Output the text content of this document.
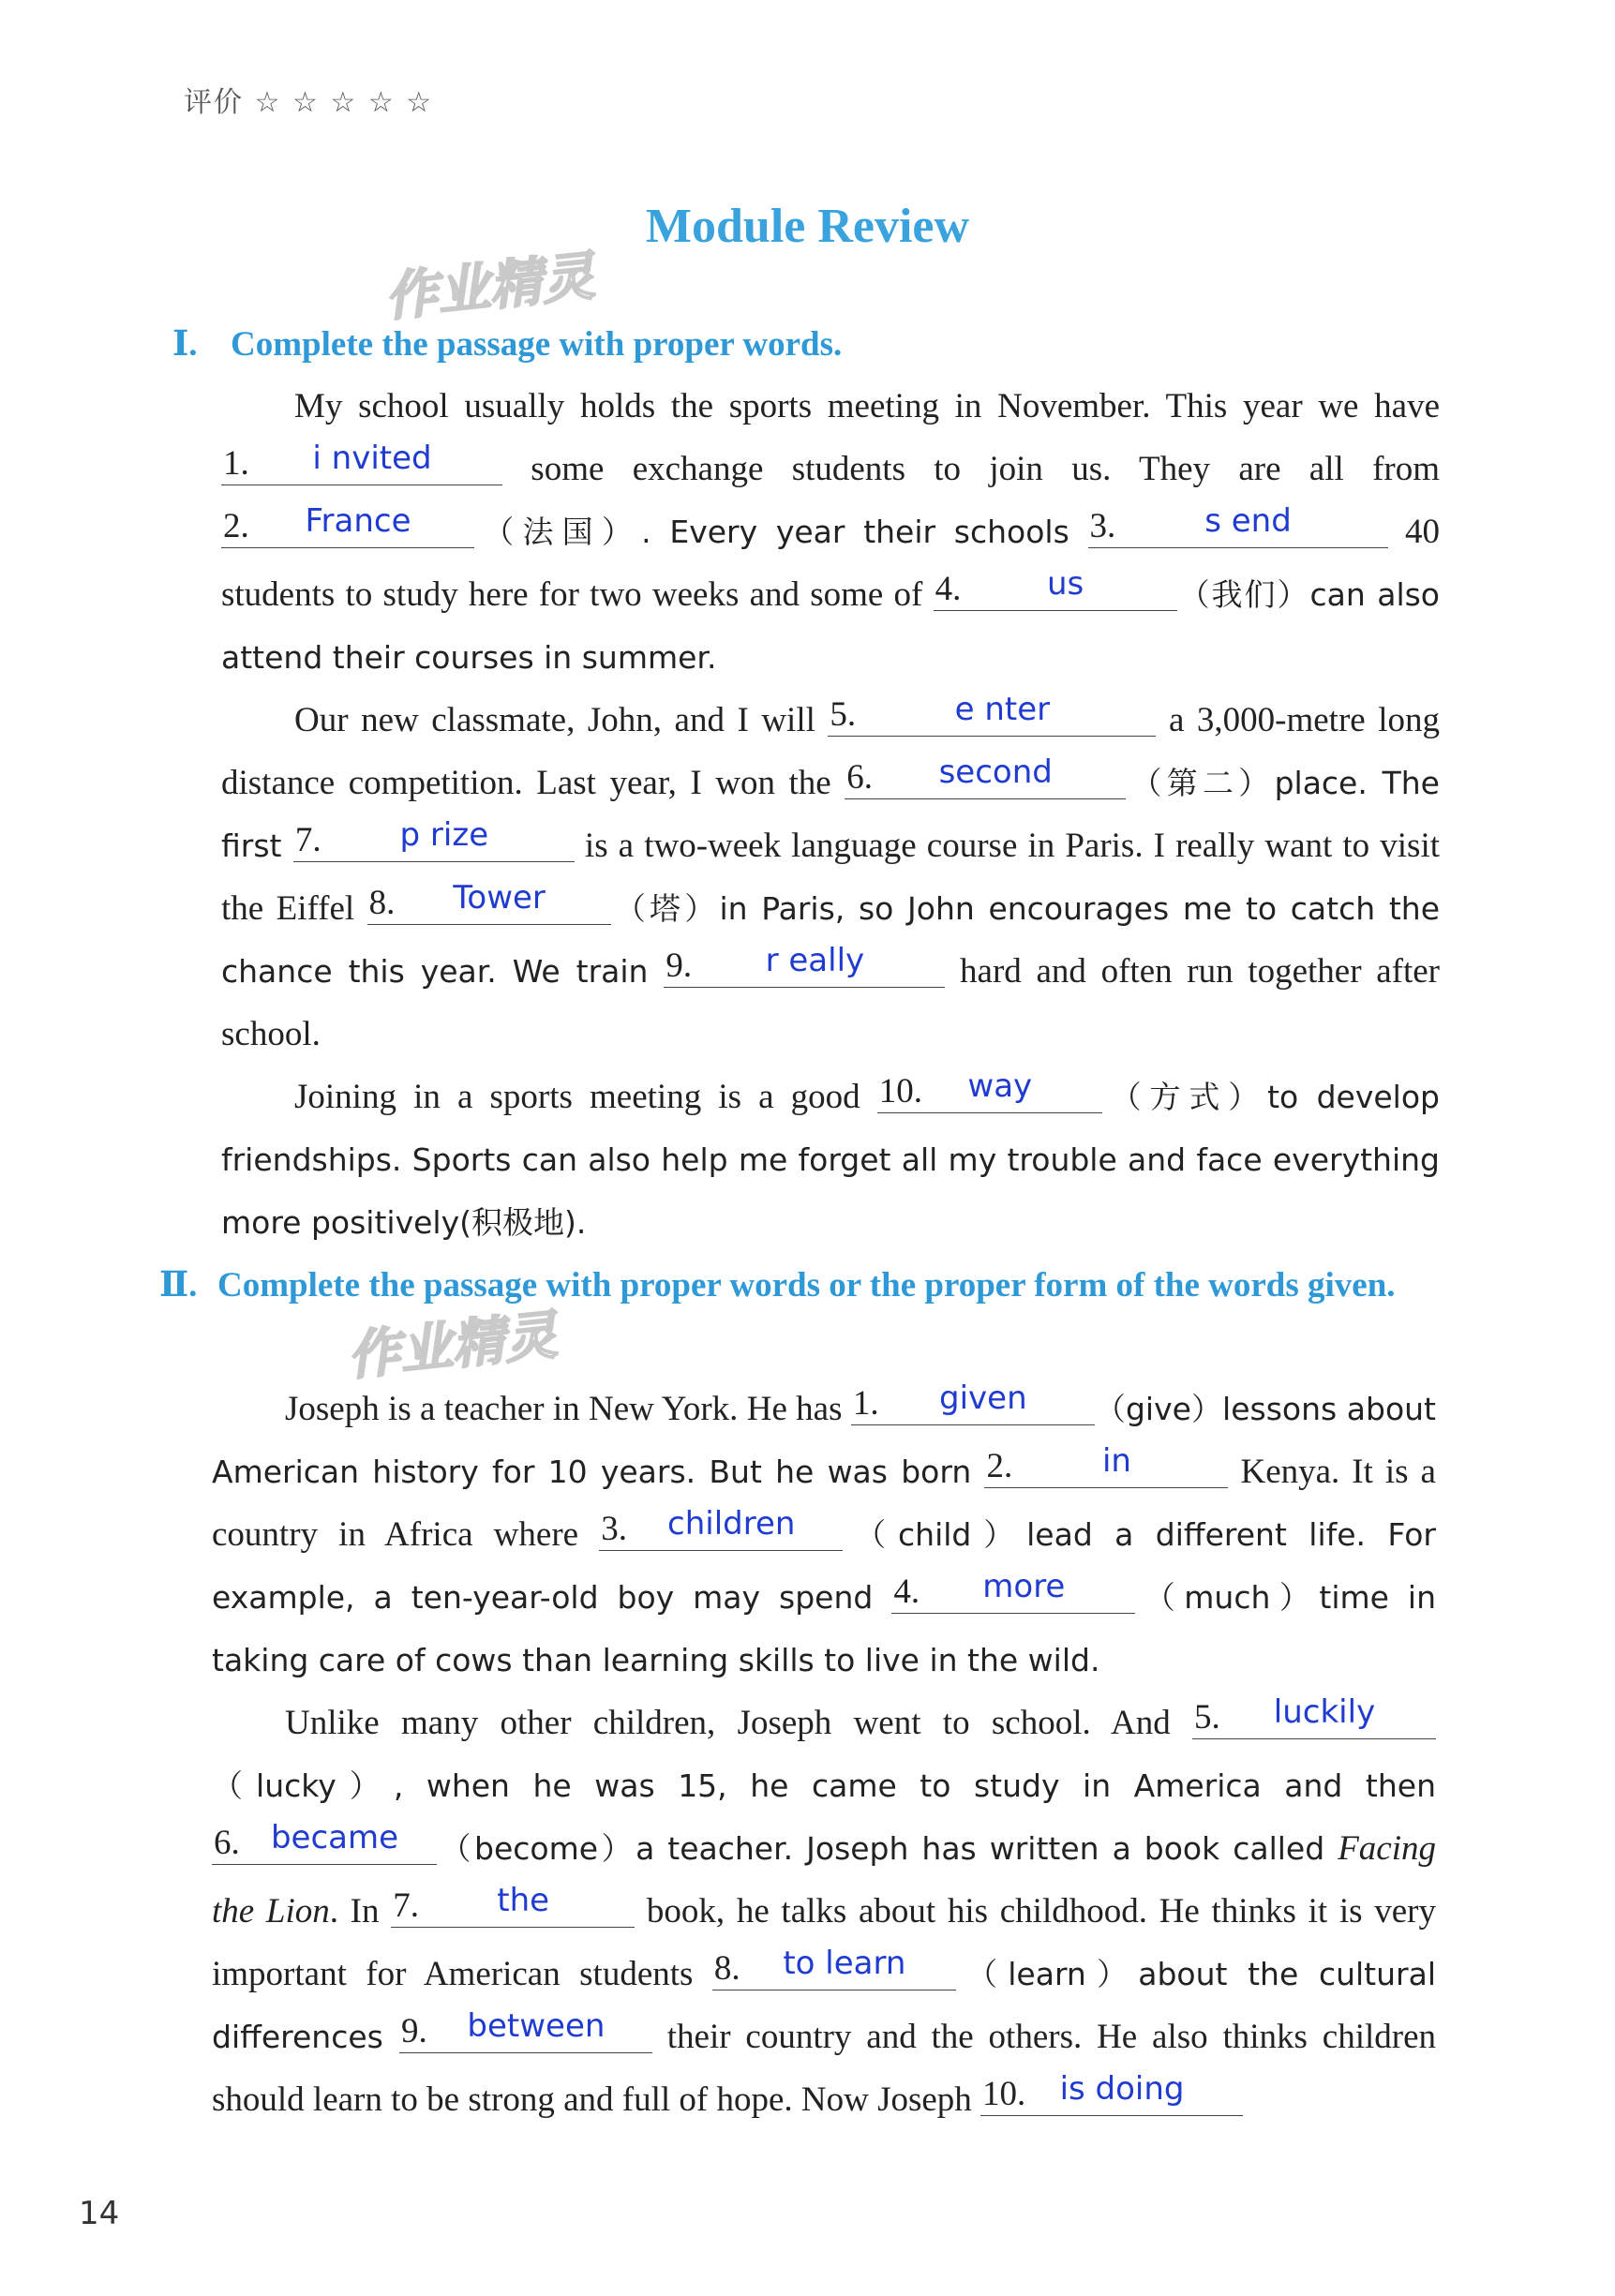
评价 ☆ ☆ ☆ ☆ ☆
Module Review
作业精灵
作业精灵
Ⅰ. Complete the passage with proper words.

My school usually holds the sports meeting in November. This year we have
1.	i nvited	some exchange students to join us. They are all from
2.	France	（法国）. Every year their schools 3.	s end	40 students to study here for two weeks and some of 4.	us	（我们）can also attend their courses in summer.

Our new classmate, John, and I will 5.	e nter	a 3,000-metre long distance competition. Last year, I won the 6.	second	（第二）place. The first 7.	p rize	is a two-week language course in Paris. I really want to visit the Eiffel 8.	Tower	（塔）in Paris, so John encourages me to catch the chance this year. We train 9.	r eally	hard and often run together after school.

Joining in a sports meeting is a good 10.	way	（方式）to develop friendships. Sports can also help me forget all my trouble and face everything more positively(积极地).

Ⅱ. Complete the passage with proper words or the proper form of the words given.

Joseph is a teacher in New York. He has 1.	given	（give）lessons about American history for 10 years. But he was born 2.	in	Kenya. It is a country in Africa where 3.	children	（child）lead a different life. For example, a ten-year-old boy may spend 4.	more	（much）time in taking care of cows than learning skills to live in the wild.

Unlike many other children, Joseph went to school. And 5.	luckily
（lucky）, when he was 15, he came to study in America and then
6. became	（become）a teacher. Joseph has written a book called Facing the Lion. In 7.	the	book, he talks about his childhood. He thinks it is very important for American students 8.	to learn	（learn）about the cultural differences 9.	between	their country and the others. He also thinks children should learn to be strong and full of hope. Now Joseph 10.	is doing

14
